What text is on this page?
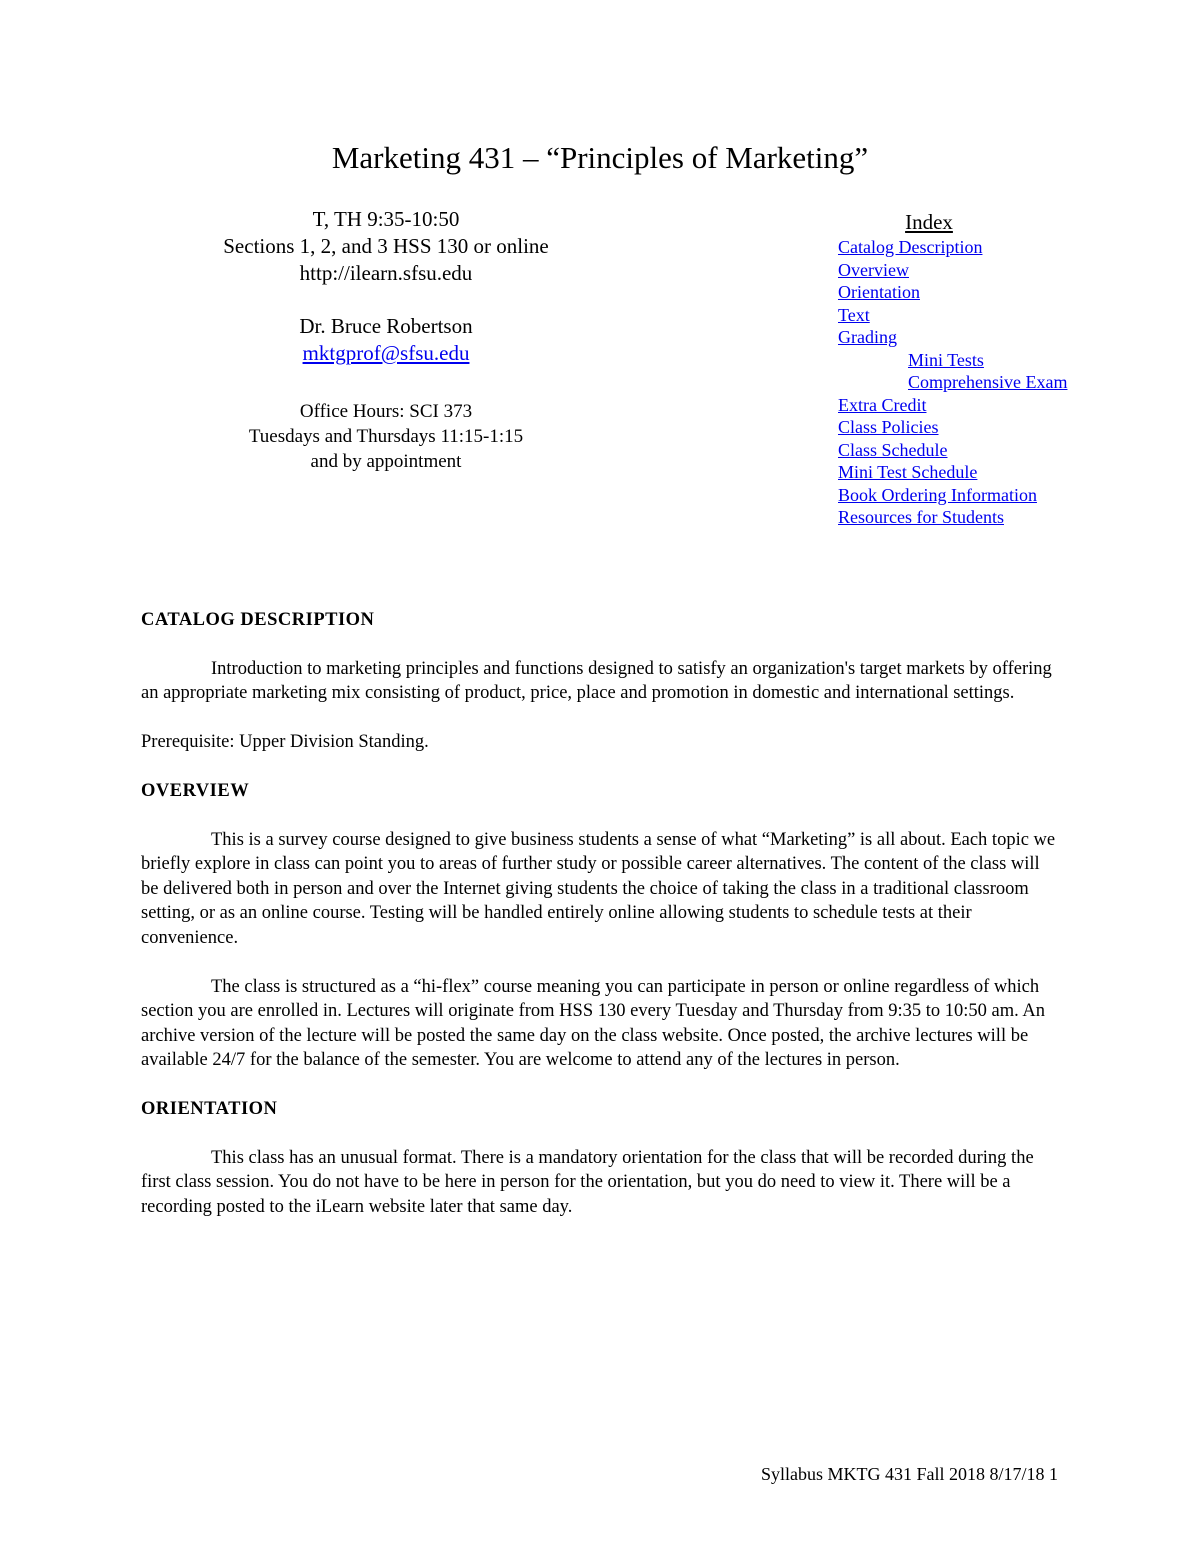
Marketing 431 – “Principles of Marketing”
T, TH 9:35-10:50
Sections 1, 2, and 3 HSS 130 or online
http://ilearn.sfsu.edu
Dr. Bruce Robertson
mktgprof@sfsu.edu
Office Hours: SCI 373
Tuesdays and Thursdays 11:15-1:15
and by appointment
Index
Catalog Description
Overview
Orientation
Text
Grading
Mini Tests
Comprehensive Exam
Extra Credit
Class Policies
Class Schedule
Mini Test Schedule
Book Ordering Information
Resources for Students
CATALOG DESCRIPTION

Introduction to marketing principles and functions designed to satisfy an organization's target markets by offering an appropriate marketing mix consisting of product, price, place and promotion in domestic and international settings.

Prerequisite: Upper Division Standing.

OVERVIEW

This is a survey course designed to give business students a sense of what “Marketing” is all about. Each topic we briefly explore in class can point you to areas of further study or possible career alternatives. The content of the class will be delivered both in person and over the Internet giving students the choice of taking the class in a traditional classroom setting, or as an online course. Testing will be handled entirely online allowing students to schedule tests at their convenience.

The class is structured as a “hi-flex” course meaning you can participate in person or online regardless of which section you are enrolled in. Lectures will originate from HSS 130 every Tuesday and Thursday from 9:35 to 10:50 am. An archive version of the lecture will be posted the same day on the class website. Once posted, the archive lectures will be available 24/7 for the balance of the semester. You are welcome to attend any of the lectures in person.

ORIENTATION

This class has an unusual format. There is a mandatory orientation for the class that will be recorded during the first class session. You do not have to be here in person for the orientation, but you do need to view it. There will be a recording posted to the iLearn website later that same day.

Syllabus MKTG 431 Fall 2018 8/17/18 1
